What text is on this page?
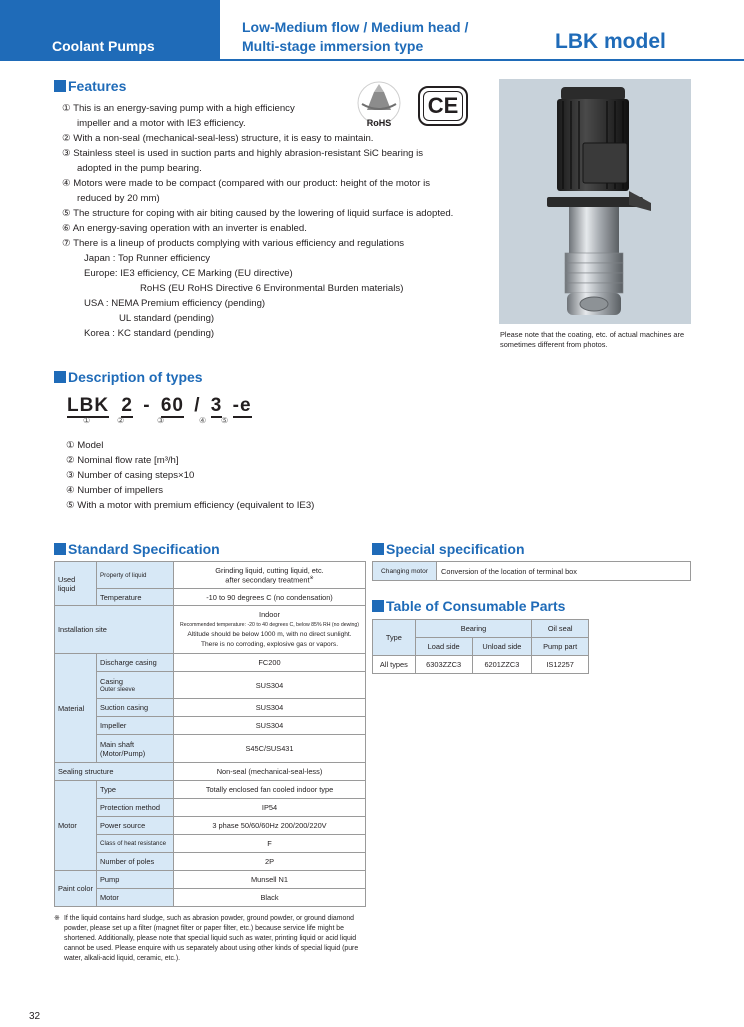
Coolant Pumps
Low-Medium flow / Medium head /
Multi-stage immersion type	LBK model
Features
① This is an energy-saving pump with a high efficiency
impeller and a motor with IE3 efficiency.
② With a non-seal (mechanical-seal-less) structure, it is easy to maintain.
③ Stainless steel is used in suction parts and highly abrasion-resistant SiC bearing is
adopted in the pump bearing.
④ Motors were made to be compact (compared with our product: height of the motor is
reduced by 20 mm)
⑤ The structure for coping with air biting caused by the lowering of liquid surface is adopted.
⑥ An energy-saving operation with an inverter is enabled.
⑦ There is a lineup of products complying with various efficiency and regulations
Japan : Top Runner efficiency
Europe: IE3 efficiency, CE Marking (EU directive)
RoHS (EU RoHS Directive 6 Environmental Burden materials)
USA : NEMA Premium efficiency (pending)
UL standard (pending)
Korea : KC standard (pending)
RoHS
CE
Please note that the coating, etc. of actual machines are sometimes different from photos.
Description of types
LBK 2 - 60 / 3 -e
①	②	③	④ ⑤
① Model
② Nominal flow rate [m³/h]
③ Number of casing steps×10
④ Number of impellers
⑤ With a motor with premium efficiency (equivalent to IE3)
Standard Specification
Used liquid	Property of liquid	Grinding liquid, cutting liquid, etc.
after secondary treatment※

	Temperature	-10 to 90 degrees C (no condensation)
Installation site		Indoor
Recommended temperature: -20 to 40 degrees C, below 85% RH (no dewing)
Altitude should be below 1000 m, with no direct sunlight.
There is no corroding, explosive gas or vapors.

Material	Discharge casing	FC200

	Casing
Outer sleeve	SUS304
	Suction casing	SUS304
	Impeller	SUS304

	Main shaft
(Motor/Pump)	S45C/SUS431
Sealing structure		Non-seal (mechanical-seal-less)
Motor	Type	Totally enclosed fan cooled indoor type
	Protection method	IP54
	Power source	3 phase 50/60/60Hz 200/200/220V
	Class of heat resistance	F
	Number of poles	2P
Paint color	Pump	Munsell N1
	Motor	Black
※ If the liquid contains hard sludge, such as abrasion powder, ground powder, or ground diamond powder, please set up a filter (magnet filter or paper filter, etc.) because service life might be shortened. Additionally, please note that special liquid such as water, printing liquid or acid liquid cannot be used. Please enquire with us separately about using other kinds of special liquid (pure water, alkali-acid liquid, ceramic, etc.).
Special specification
Changing motor	Conversion of the location of terminal box
Table of Consumable Parts
Type	Bearing		Oil seal
	Load side	Unload side	Pump part
All types	6303ZZC3	6201ZZC3	IS12257
32
